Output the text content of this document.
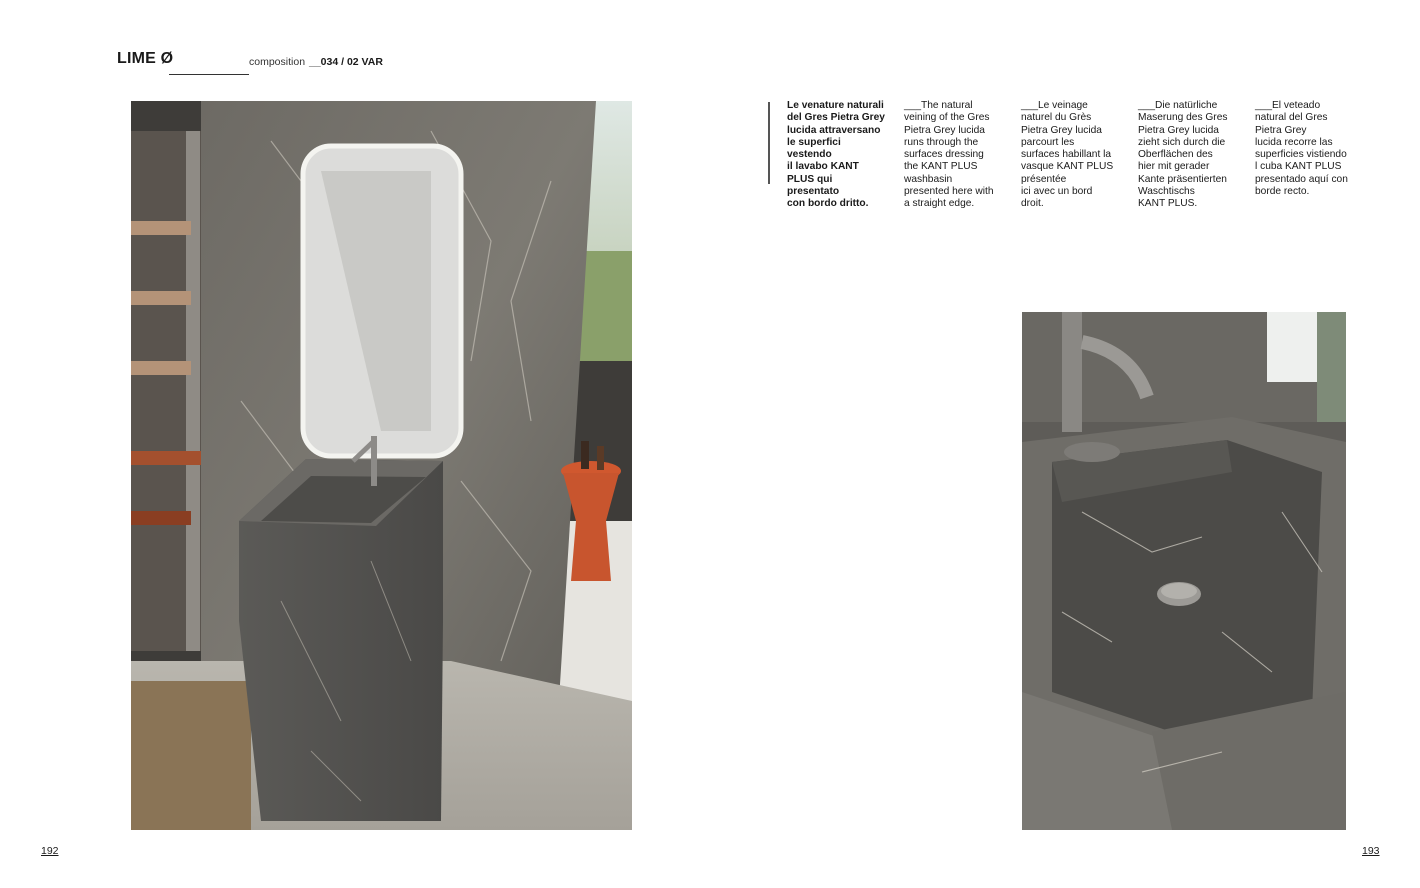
LIME Ø	composition __034 / 02 VAR
Le venature naturali
del Gres Pietra Grey
lucida attraversano
le superfici vestendo
il lavabo KANT
PLUS qui presentato
con bordo dritto.
___The natural
veining of the Gres
Pietra Grey lucida
runs through the
surfaces dressing
the KANT PLUS
washbasin
presented here with
a straight edge.
___Le veinage
naturel du Grès
Pietra Grey lucida
parcourt les
surfaces habillant la
vasque KANT PLUS
présentée
ici avec un bord
droit.
___Die natürliche
Maserung des Gres
Pietra Grey lucida
zieht sich durch die
Oberflächen des
hier mit gerader
Kante präsentierten
Waschtischs
KANT PLUS.
___El veteado
natural del Gres
Pietra Grey
lucida recorre las
superficies vistiendo
l cuba KANT PLUS
presentado aquí con
borde recto.
192	193
